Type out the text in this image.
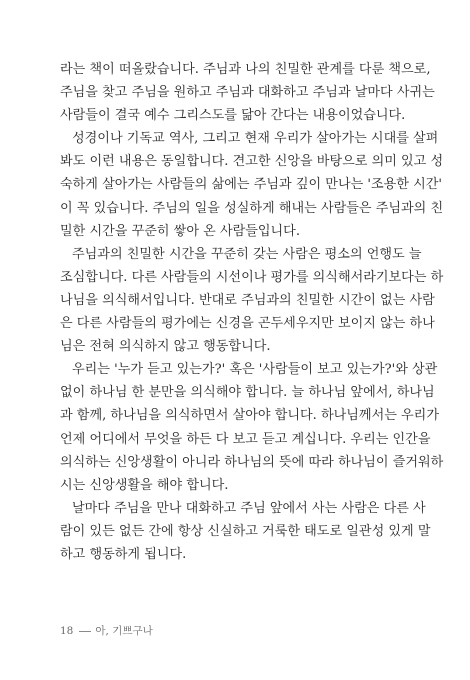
라는 책이 떠올랐습니다. 주님과 나의 친밀한 관계를 다룬 책으로,
주님을 찾고 주님을 원하고 주님과 대화하고 주님과 날마다 사귀는
사람들이 결국 예수 그리스도를 닮아 간다는 내용이었습니다.
성경이나 기독교 역사, 그리고 현재 우리가 살아가는 시대를 살펴
봐도 이런 내용은 동일합니다. 견고한 신앙을 바탕으로 의미 있고 성
숙하게 살아가는 사람들의 삶에는 주님과 깊이 만나는 '조용한 시간'
이 꼭 있습니다. 주님의 일을 성실하게 해내는 사람들은 주님과의 친
밀한 시간을 꾸준히 쌓아 온 사람들입니다.
주님과의 친밀한 시간을 꾸준히 갖는 사람은 평소의 언행도 늘
조심합니다. 다른 사람들의 시선이나 평가를 의식해서라기보다는 하
나님을 의식해서입니다. 반대로 주님과의 친밀한 시간이 없는 사람
은 다른 사람들의 평가에는 신경을 곤두세우지만 보이지 않는 하나
님은 전혀 의식하지 않고 행동합니다.
우리는 '누가 듣고 있는가?' 혹은 '사람들이 보고 있는가?'와 상관
없이 하나님 한 분만을 의식해야 합니다. 늘 하나님 앞에서, 하나님
과 함께, 하나님을 의식하면서 살아야 합니다. 하나님께서는 우리가
언제 어디에서 무엇을 하든 다 보고 듣고 계십니다. 우리는 인간을
의식하는 신앙생활이 아니라 하나님의 뜻에 따라 하나님이 즐거워하
시는 신앙생활을 해야 합니다.
날마다 주님을 만나 대화하고 주님 앞에서 사는 사람은 다른 사
람이 있든 없든 간에 항상 신실하고 거룩한 태도로 일관성 있게 말
하고 행동하게 됩니다.
18 아, 기쁘구나
